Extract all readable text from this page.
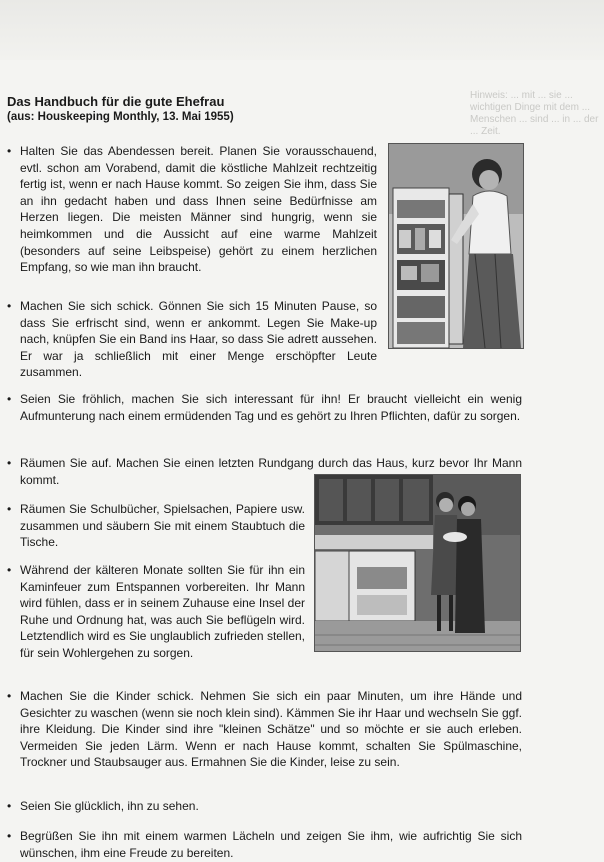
Hinweis: ... mit ... sie ... wichtigen Dinge mit dem ... Menschen ... sind ... in ... der ... Zeit.
Das Handbuch für die gute Ehefrau
(aus: Houskeeping Monthly, 13. Mai 1955)
• Halten Sie das Abendessen bereit. Planen Sie vorausschauend, evtl. schon am Vorabend, damit die köstliche Mahlzeit rechtzeitig fertig ist, wenn er nach Hause kommt. So zeigen Sie ihm, dass Sie an ihn gedacht haben und dass Ihnen seine Bedürfnisse am Herzen liegen. Die meisten Männer sind hungrig, wenn sie heimkommen und die Aussicht auf eine warme Mahlzeit (besonders auf seine Leibspeise) gehört zu einem herzlichen Empfang, so wie man ihn braucht.
• Machen Sie sich schick. Gönnen Sie sich 15 Minuten Pause, so dass Sie erfrischt sind, wenn er ankommt. Legen Sie Make-up nach, knüpfen Sie ein Band ins Haar, so dass Sie adrett aussehen. Er war ja schließlich mit einer Menge erschöpfter Leute zusammen.
• Seien Sie fröhlich, machen Sie sich interessant für ihn! Er braucht vielleicht ein wenig Aufmunterung nach einem ermüdenden Tag und es gehört zu Ihren Pflichten, dafür zu sorgen.
• Räumen Sie auf. Machen Sie einen letzten Rundgang durch das Haus, kurz bevor Ihr Mann kommt.
• Räumen Sie Schulbücher, Spielsachen, Papiere usw. zusammen und säubern Sie mit einem Staubtuch die Tische.
• Während der kälteren Monate sollten Sie für ihn ein Kaminfeuer zum Entspannen vorbereiten. Ihr Mann wird fühlen, dass er in seinem Zuhause eine Insel der Ruhe und Ordnung hat, was auch Sie beflügeln wird. Letztendlich wird es Sie unglaublich zufrieden stellen, für sein Wohlergehen zu sorgen.
• Machen Sie die Kinder schick. Nehmen Sie sich ein paar Minuten, um ihre Hände und Gesichter zu waschen (wenn sie noch klein sind). Kämmen Sie ihr Haar und wechseln Sie ggf. ihre Kleidung. Die Kinder sind ihre "kleinen Schätze" und so möchte er sie auch erleben. Vermeiden Sie jeden Lärm. Wenn er nach Hause kommt, schalten Sie Spülmaschine, Trockner und Staubsauger aus. Ermahnen Sie die Kinder, leise zu sein.
• Seien Sie glücklich, ihn zu sehen.
• Begrüßen Sie ihn mit einem warmen Lächeln und zeigen Sie ihm, wie aufrichtig Sie sich wünschen, ihm eine Freude zu bereiten.
